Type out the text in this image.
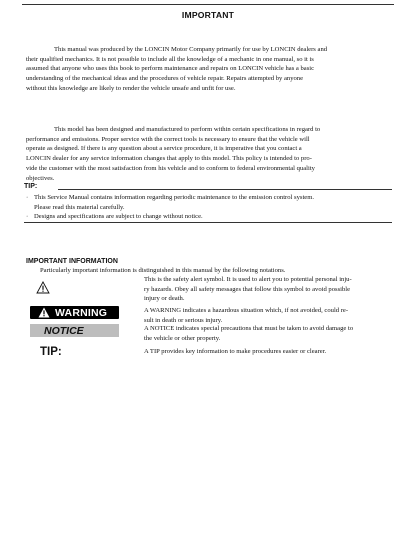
IMPORTANT

This manual was produced by the LONCIN Motor Company primarily for use by LONCIN dealers and
their qualified mechanics. It is not possible to include all the knowledge of a mechanic in one manual, so it is
assumed that anyone who uses this book to perform maintenance and repairs on LONCIN vehicle has a basic
understanding of the mechanical ideas and the procedures of vehicle repair. Repairs attempted by anyone
without this knowledge are likely to render the vehicle unsafe and unfit for use.

This model has been designed and manufactured to perform within certain specifications in regard to
performance and emissions. Proper service with the correct tools is necessary to ensure that the vehicle will
operate as designed. If there is any question about a service procedure, it is imperative that you contact a
LONCIN dealer for any service information changes that apply to this model. This policy is intended to pro-
vide the customer with the most satisfaction from his vehicle and to conform to federal environmental quality
objectives.

TIP:
· This Service Manual contains information regarding periodic maintenance to the emission control system.
Please read this material carefully.
· Designs and specifications are subject to change without notice.
IMPORTANT INFORMATION
Particularly important information is distinguished in this manual by the following notations.
This is the safety alert symbol. It is used to alert you to potential personal inju-
ry hazards. Obey all safety messages that follow this symbol to avoid possible
injury or death.
WARNING	A WARNING indicates a hazardous situation which, if not avoided, could re-
sult in death or serious injury.
NOTICE	A NOTICE indicates special precautions that must be taken to avoid damage to
the vehicle or other property.
TIP:	A TIP provides key information to make procedures easier or clearer.
